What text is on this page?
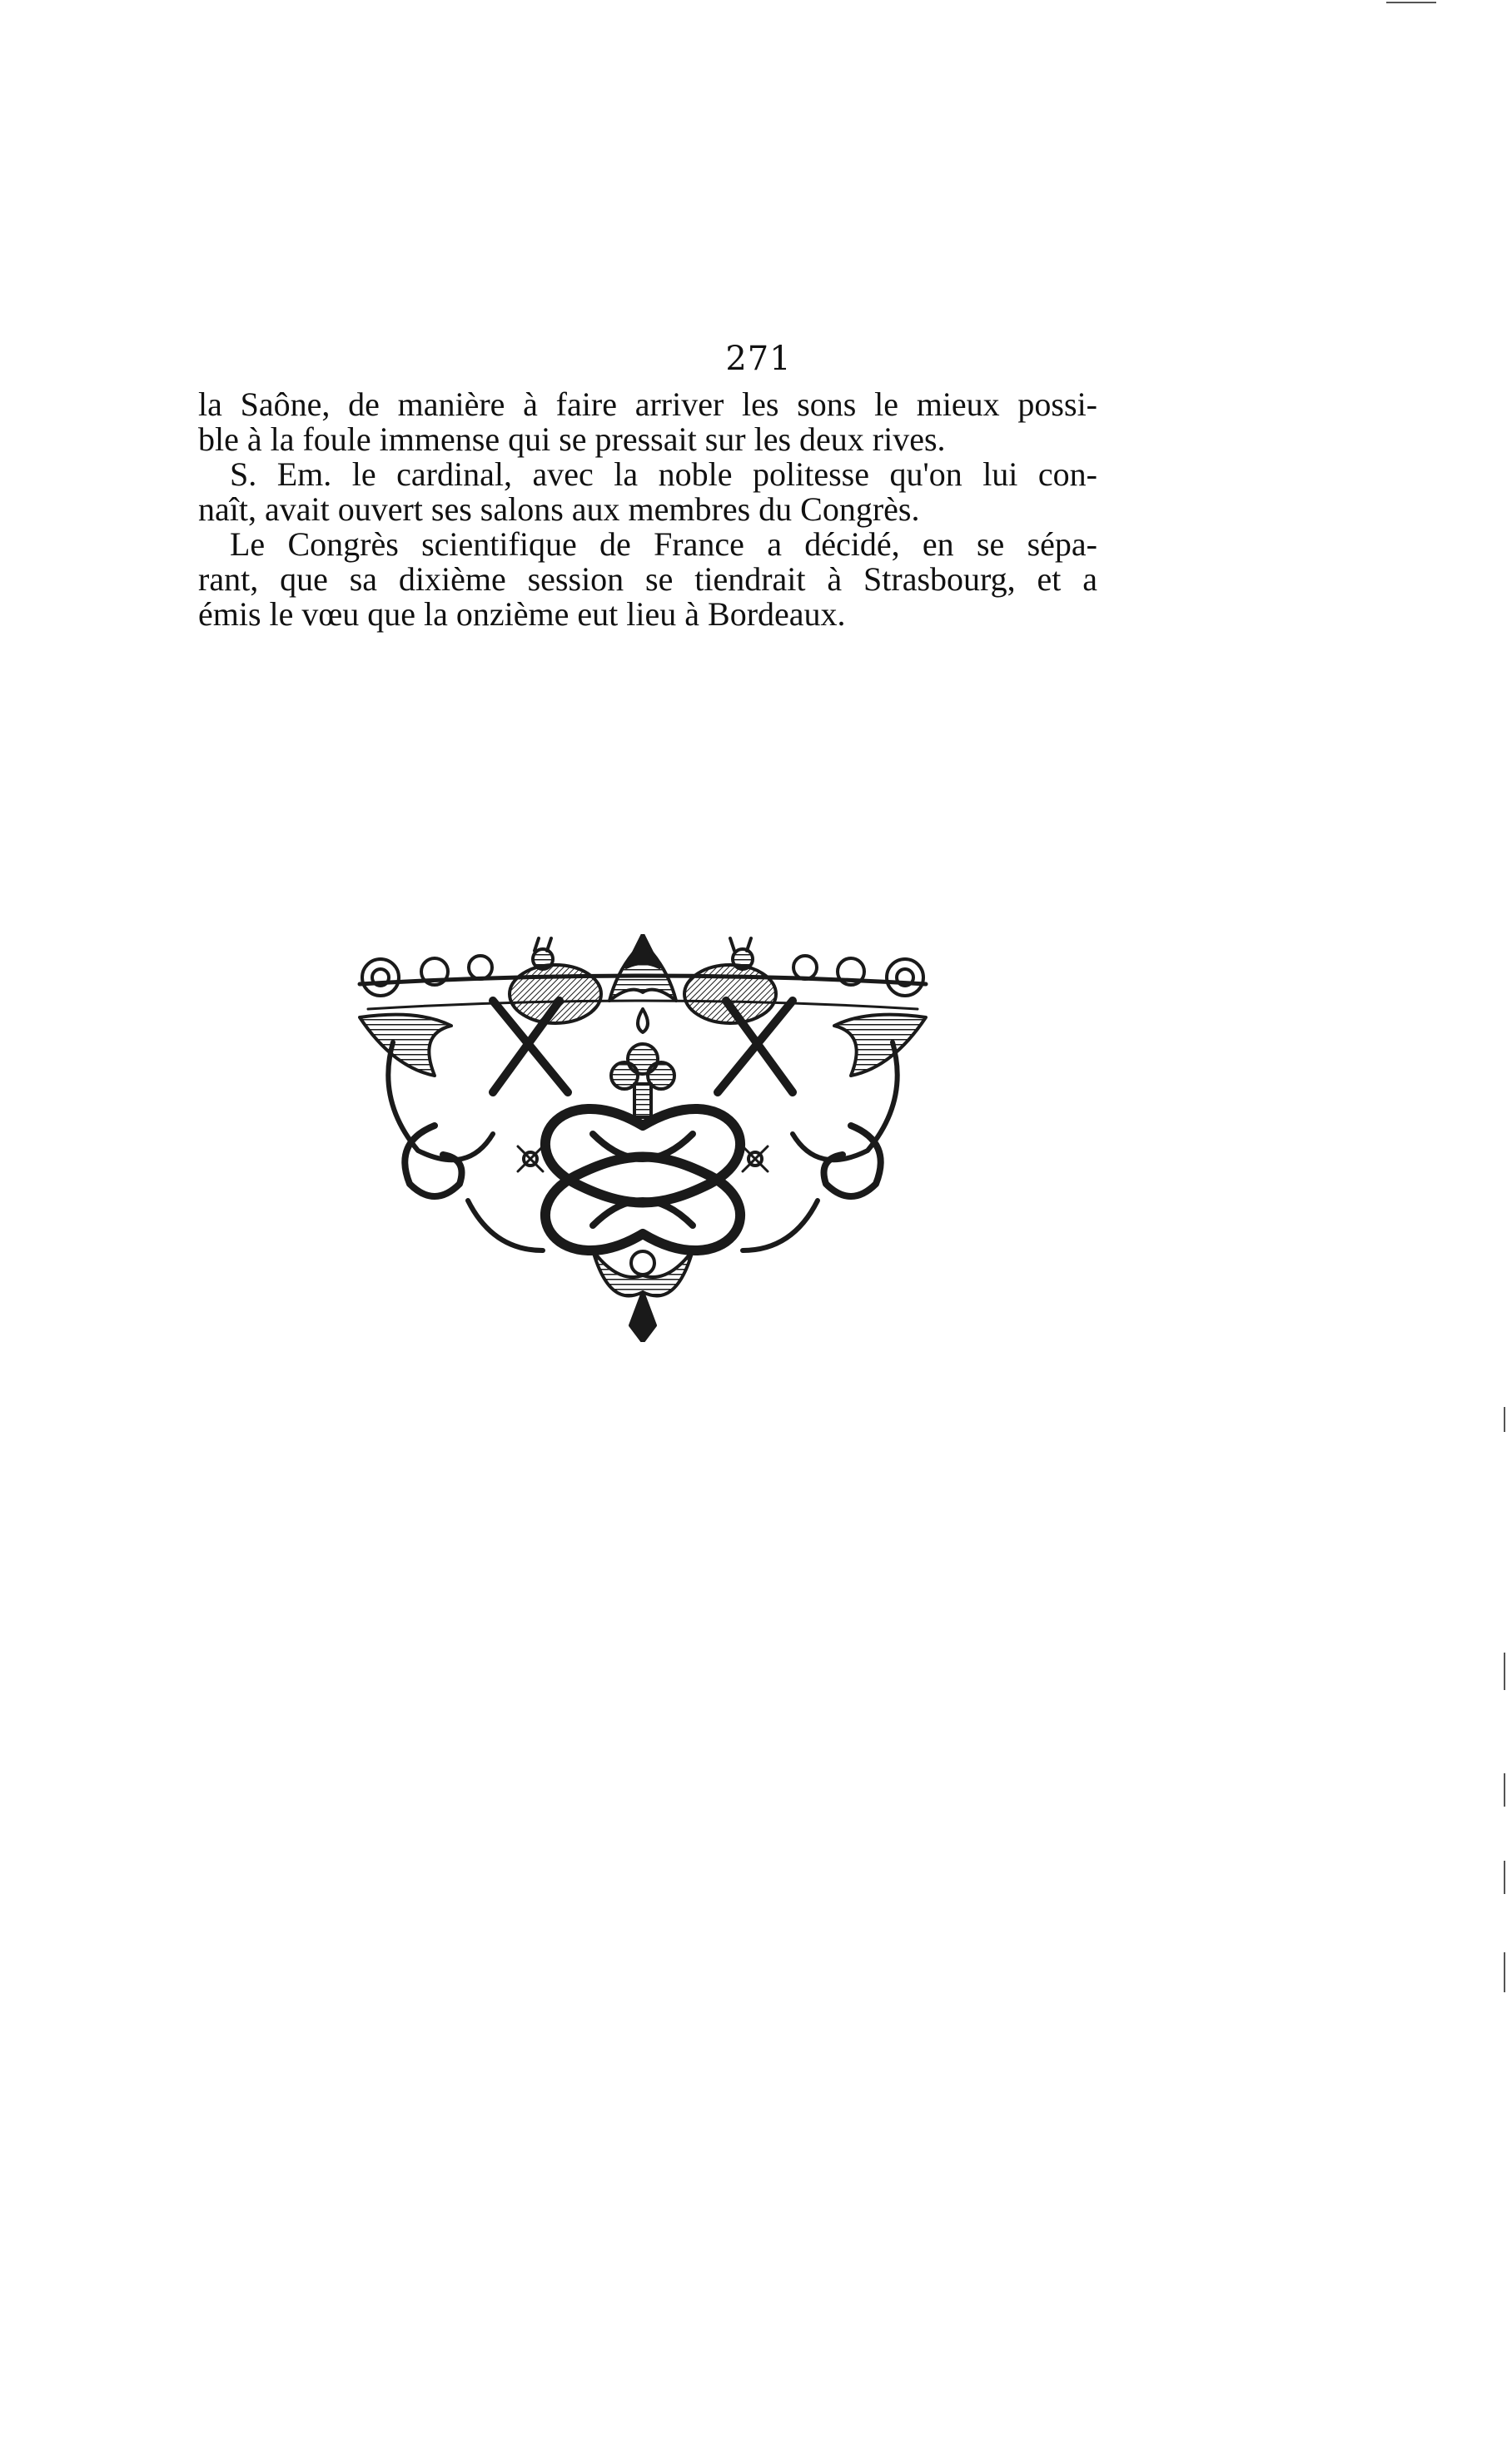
271
la Saône, de manière à faire arriver les sons le mieux possi-
ble à la foule immense qui se pressait sur les deux rives.
S. Em. le cardinal, avec la noble politesse qu'on lui con-
naît, avait ouvert ses salons aux membres du Congrès.
Le Congrès scientifique de France a décidé, en se sépa-
rant, que sa dixième session se tiendrait à Strasbourg, et a
émis le vœu que la onzième eut lieu à Bordeaux.
